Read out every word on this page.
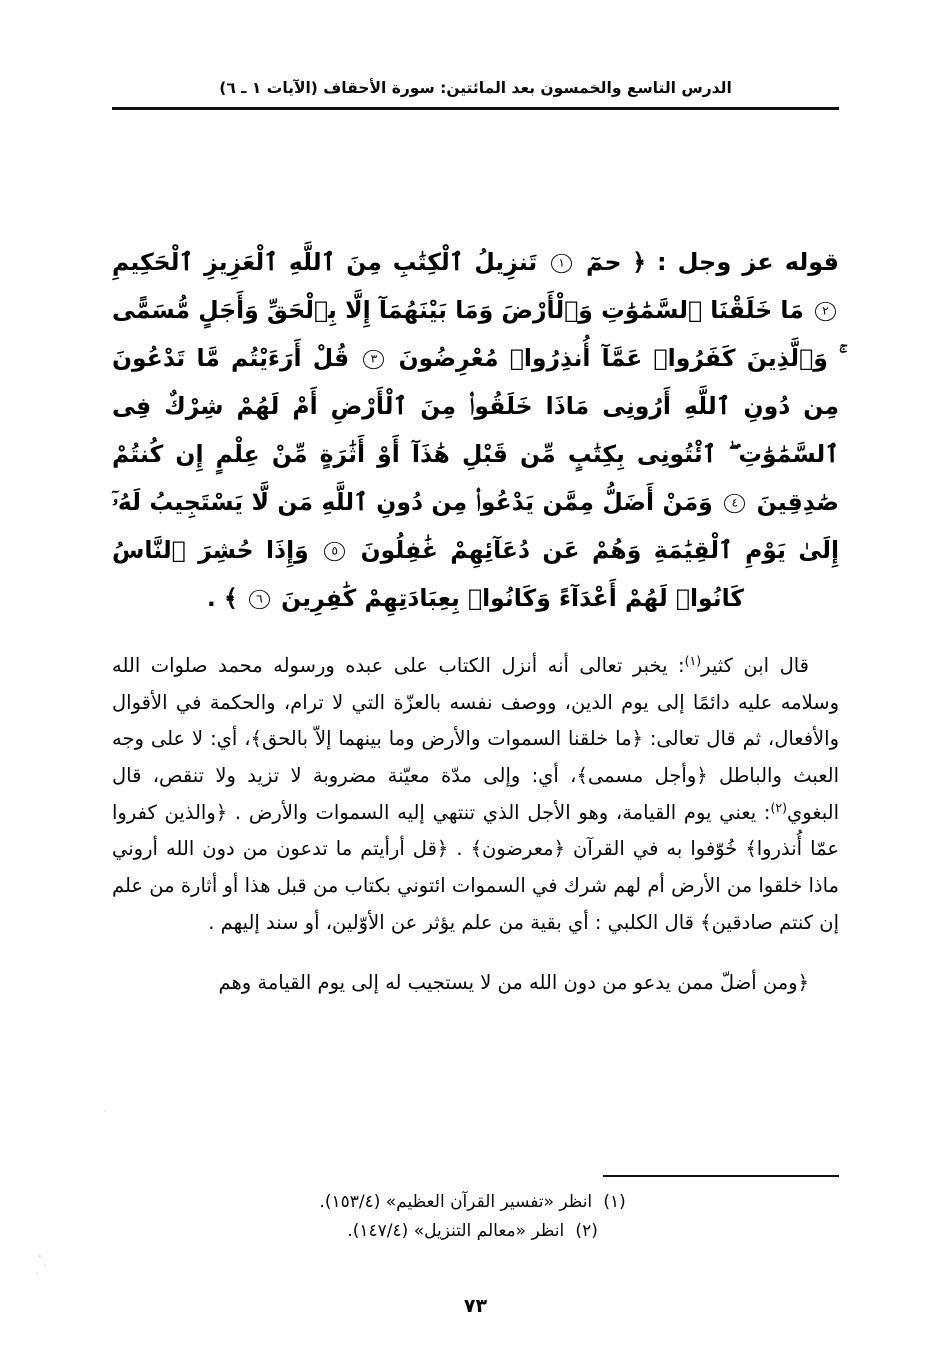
الدرس التاسع والخمسون بعد المائتين: سورة الأحقاف (الآيات ١ ـ ٦)
قوله عز وجل : ﴿ حمٓ ١ تَنزِيلُ ٱلْكِتَٰبِ مِنَ ٱللَّهِ ٱلْعَزِيزِ ٱلْحَكِيمِ ٢ مَا خَلَقْنَا ٱلسَّمَٰوَٰتِ وَٱلْأَرْضَ وَمَا بَيْنَهُمَآ إِلَّا بِٱلْحَقِّ وَأَجَلٍ مُّسَمًّى ۚ وَٱلَّذِينَ كَفَرُوا۟ عَمَّآ أُنذِرُوا۟ مُعْرِضُونَ ٣ قُلْ أَرَءَيْتُم مَّا تَدْعُونَ مِن دُونِ ٱللَّهِ أَرُونِى مَاذَا خَلَقُوا۟ مِنَ ٱلْأَرْضِ أَمْ لَهُمْ شِرْكٌ فِى ٱلسَّمَٰوَٰتِ ۖ ٱئْتُونِى بِكِتَٰبٍ مِّن قَبْلِ هَٰذَآ أَوْ أَثَٰرَةٍ مِّنْ عِلْمٍ إِن كُنتُمْ صَٰدِقِينَ ٤ وَمَنْ أَضَلُّ مِمَّن يَدْعُوا۟ مِن دُونِ ٱللَّهِ مَن لَّا يَسْتَجِيبُ لَهُۥٓ إِلَىٰ يَوْمِ ٱلْقِيَٰمَةِ وَهُمْ عَن دُعَآئِهِمْ غَٰفِلُونَ ٥ وَإِذَا حُشِرَ ٱلنَّاسُ كَانُوا۟ لَهُمْ أَعْدَآءً وَكَانُوا۟ بِعِبَادَتِهِمْ كَٰفِرِينَ ٦ ﴾ .

قال ابن كثير$^{(١)}$: يخبر تعالى أنه أنزل الكتاب على عبده ورسوله محمد صلوات الله وسلامه عليه دائمًا إلى يوم الدين، ووصف نفسه بالعزّة التي لا ترام، والحكمة في الأقوال والأفعال، ثم قال تعالى: ﴿ما خلقنا السموات والأرض وما بينهما إلاّ بالحق﴾، أي: لا على وجه العبث والباطل ﴿وأجل مسمى﴾، أي: وإلى مدّة معيّنة مضروبة لا تزيد ولا تنقص، قال البغوي$^{(٢)}$: يعني يوم القيامة، وهو الأجل الذي تنتهي إليه السموات والأرض . ﴿والذين كفروا عمّا أُنذروا﴾ خُوّفوا به في القرآن ﴿معرضون﴾ . ﴿قل أرأيتم ما تدعون من دون الله أروني ماذا خلقوا من الأرض أم لهم شرك في السموات ائتوني بكتاب من قبل هذا أو أثارة من علم إن كنتم صادقين﴾ قال الكلبي : أي بقية من علم يؤثر عن الأوّلين، أو سند إليهم .

﴿ومن أضلّ ممن يدعو من دون الله من لا يستجيب له إلى يوم القيامة وهم

(١) انظر «تفسير القرآن العظيم» (١٥٣/٤).
(٢) انظر «معالم التنزيل» (١٤٧/٤).
٧٣
